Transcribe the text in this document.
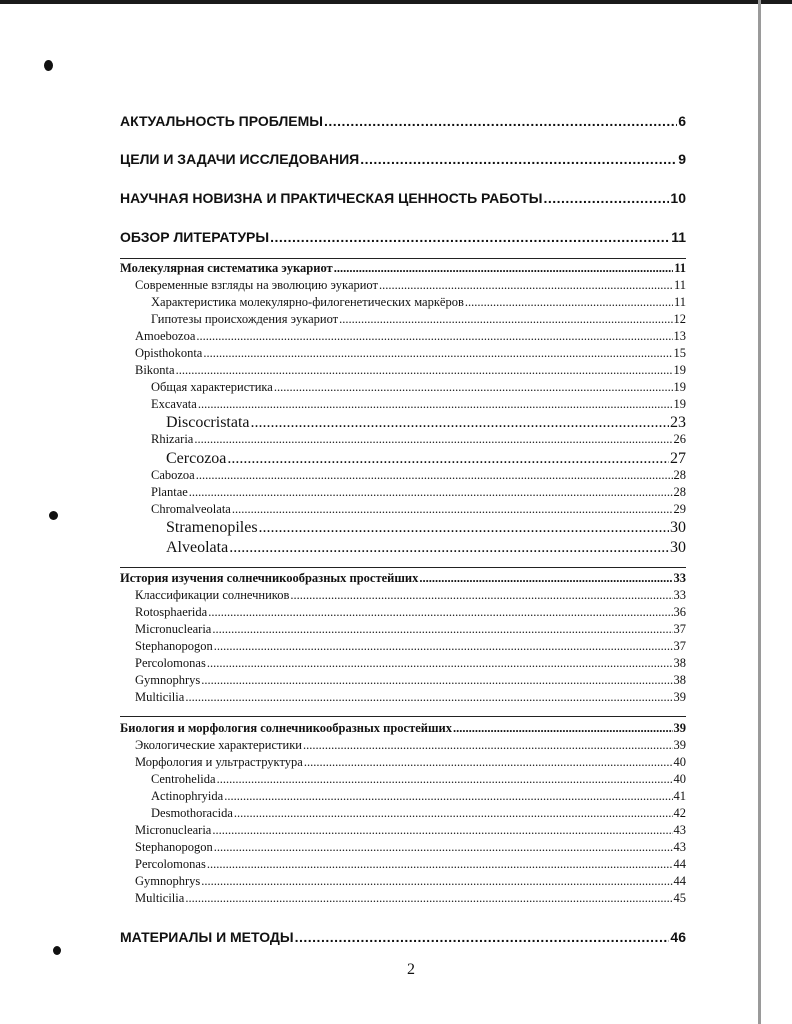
АКТУАЛЬНОСТЬ ПРОБЛЕМЫ .....	6
ЦЕЛИ И ЗАДАЧИ ИССЛЕДОВАНИЯ .....	9
НАУЧНАЯ НОВИЗНА И ПРАКТИЧЕСКАЯ ЦЕННОСТЬ РАБОТЫ .....	10
ОБЗОР ЛИТЕРАТУРЫ .....	11
Молекулярная систематика эукариот .....	11
Современные взгляды на эволюцию эукариот .....	11
Характеристика молекулярно-филогенетических маркёров .....	11
Гипотезы происхождения эукариот .....	12
Amoebozoa .....	13
Opisthokonta .....	15
Bikonta .....	19
Общая характеристика .....	19
Excavata .....	19
Discocristata .....	23
Rhizaria .....	26
Cercozoa .....	27
Cabozoa .....	28
Plantae .....	28
Chromalveolata .....	29
Stramenopiles .....	30
Alveolata .....	30
История изучения солнечникообразных простейших .....	33
Классификации солнечников .....	33
Rotosphaerida .....	36
Micronuclearia .....	37
Stephanopogon .....	37
Percolomonas .....	38
Gymnophrys .....	38
Multicilia .....	39
Биология и морфология солнечникообразных простейших .....	39
Экологические характеристики .....	39
Морфология и ультраструктура .....	40
Centrohelida .....	40
Actinophryida .....	41
Desmothoracida .....	42
Micronuclearia .....	43
Stephanopogon .....	43
Percolomonas .....	44
Gymnophrys .....	44
Multicilia .....	45
МАТЕРИАЛЫ И МЕТОДЫ .....	46
2
